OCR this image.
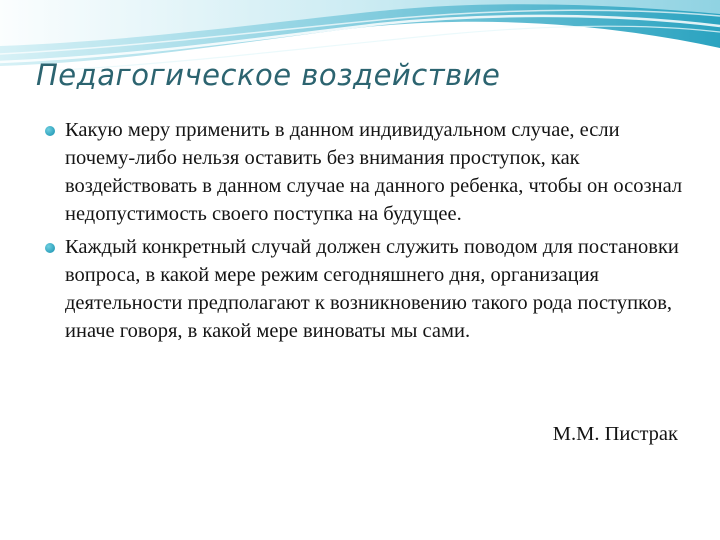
Педагогическое воздействие
Какую меру применить в данном индивидуальном случае, если почему-либо нельзя оставить без внимания проступок, как воздействовать в данном случае на данного ребенка, чтобы он осознал недопустимость своего поступка на будущее.
Каждый конкретный случай должен служить поводом для постановки вопроса, в какой мере режим сегодняшнего дня, организация деятельности предполагают к возникновению такого рода поступков, иначе говоря, в какой мере виноваты мы сами.
М.М. Пистрак
